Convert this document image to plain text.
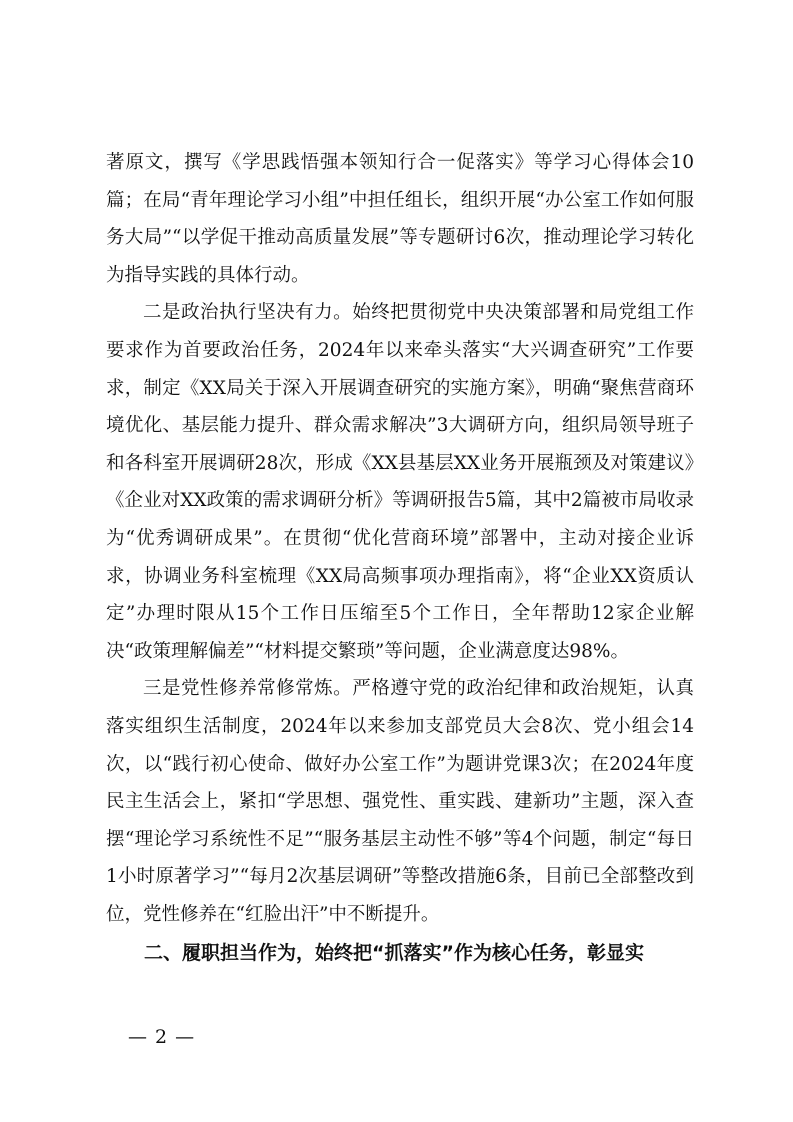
著原文，撰写《学思践悟强本领知行合一促落实》等学习心得体会10篇；在局“青年理论学习小组”中担任组长，组织开展“办公室工作如何服务大局”“以学促干推动高质量发展”等专题研讨6次，推动理论学习转化为指导实践的具体行动。

二是政治执行坚决有力。始终把贯彻党中央决策部署和局党组工作要求作为首要政治任务，2024年以来牵头落实“大兴调查研究”工作要求，制定《XX局关于深入开展调查研究的实施方案》，明确“聚焦营商环境优化、基层能力提升、群众需求解决”3大调研方向，组织局领导班子和各科室开展调研28次，形成《XX县基层XX业务开展瓶颈及对策建议》《企业对XX政策的需求调研分析》等调研报告5篇，其中2篇被市局收录为“优秀调研成果”。在贯彻“优化营商环境”部署中，主动对接企业诉求，协调业务科室梳理《XX局高频事项办理指南》，将“企业XX资质认定”办理时限从15个工作日压缩至5个工作日，全年帮助12家企业解决“政策理解偏差”“材料提交繁琐”等问题，企业满意度达98%。

三是党性修养常修常炼。严格遵守党的政治纪律和政治规矩，认真落实组织生活制度，2024年以来参加支部党员大会8次、党小组会14次，以“践行初心使命、做好办公室工作”为题讲党课3次；在2024年度民主生活会上，紧扣“学思想、强党性、重实践、建新功”主题，深入查摆“理论学习系统性不足”“服务基层主动性不够”等4个问题，制定“每日1小时原著学习”“每月2次基层调研”等整改措施6条，目前已全部整改到位，党性修养在“红脸出汗”中不断提升。

二、履职担当作为，始终把“抓落实”作为核心任务，彰显实

— 2 —
